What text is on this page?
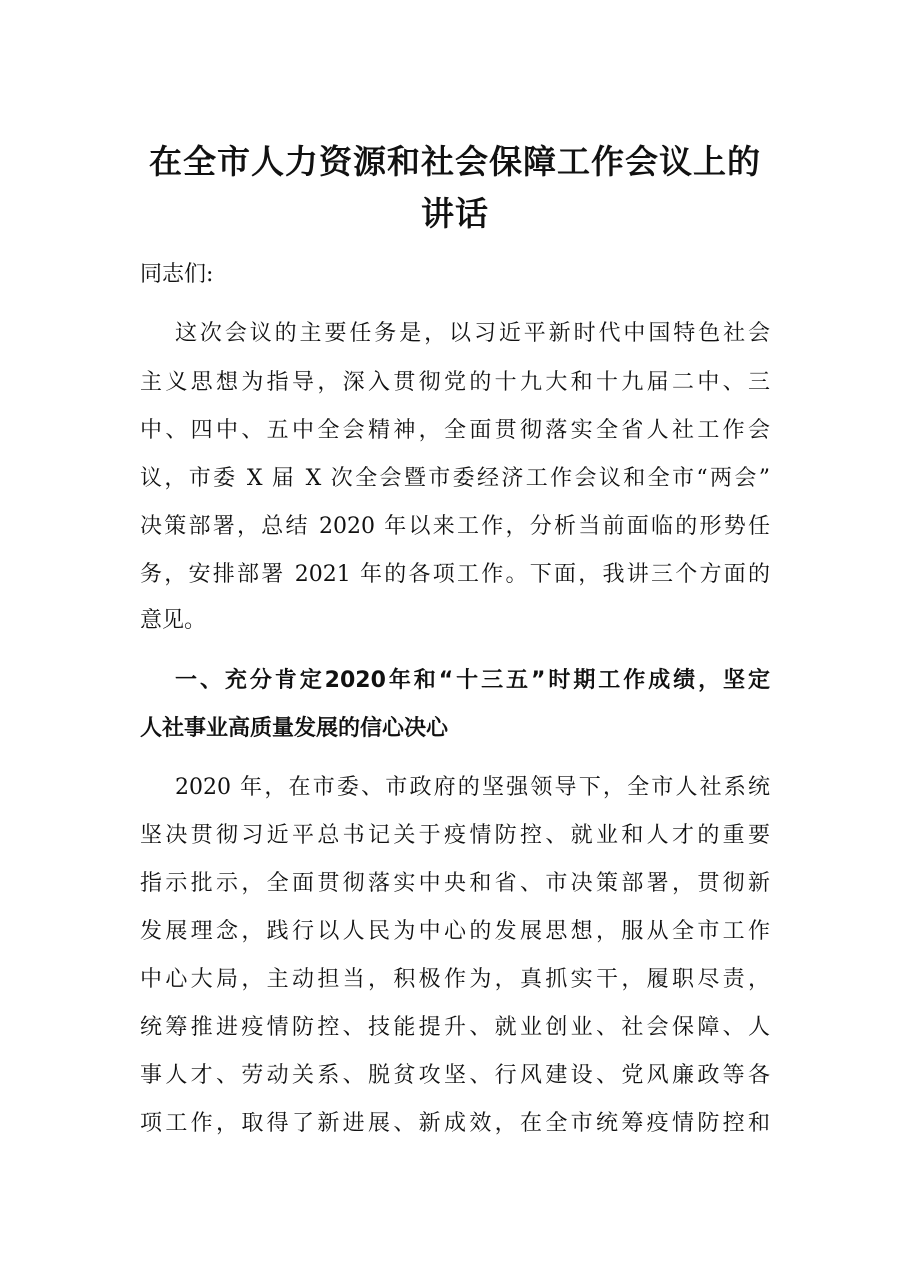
在全市人力资源和社会保障工作会议上的
讲话
同志们:
这次会议的主要任务是，以习近平新时代中国特色社会
主义思想为指导，深入贯彻党的十九大和十九届二中、三
中、四中、五中全会精神，全面贯彻落实全省人社工作会
议，市委 X 届 X 次全会暨市委经济工作会议和全市“两会”
决策部署，总结 2020 年以来工作，分析当前面临的形势任
务，安排部署 2021 年的各项工作。下面，我讲三个方面的
意见。
一、充分肯定2020年和“十三五”时期工作成绩，坚定
人社事业高质量发展的信心决心
2020 年，在市委、市政府的坚强领导下，全市人社系统
坚决贯彻习近平总书记关于疫情防控、就业和人才的重要
指示批示，全面贯彻落实中央和省、市决策部署，贯彻新
发展理念，践行以人民为中心的发展思想，服从全市工作
中心大局，主动担当，积极作为，真抓实干，履职尽责，
统筹推进疫情防控、技能提升、就业创业、社会保障、人
事人才、劳动关系、脱贫攻坚、行风建设、党风廉政等各
项工作，取得了新进展、新成效，在全市统筹疫情防控和
